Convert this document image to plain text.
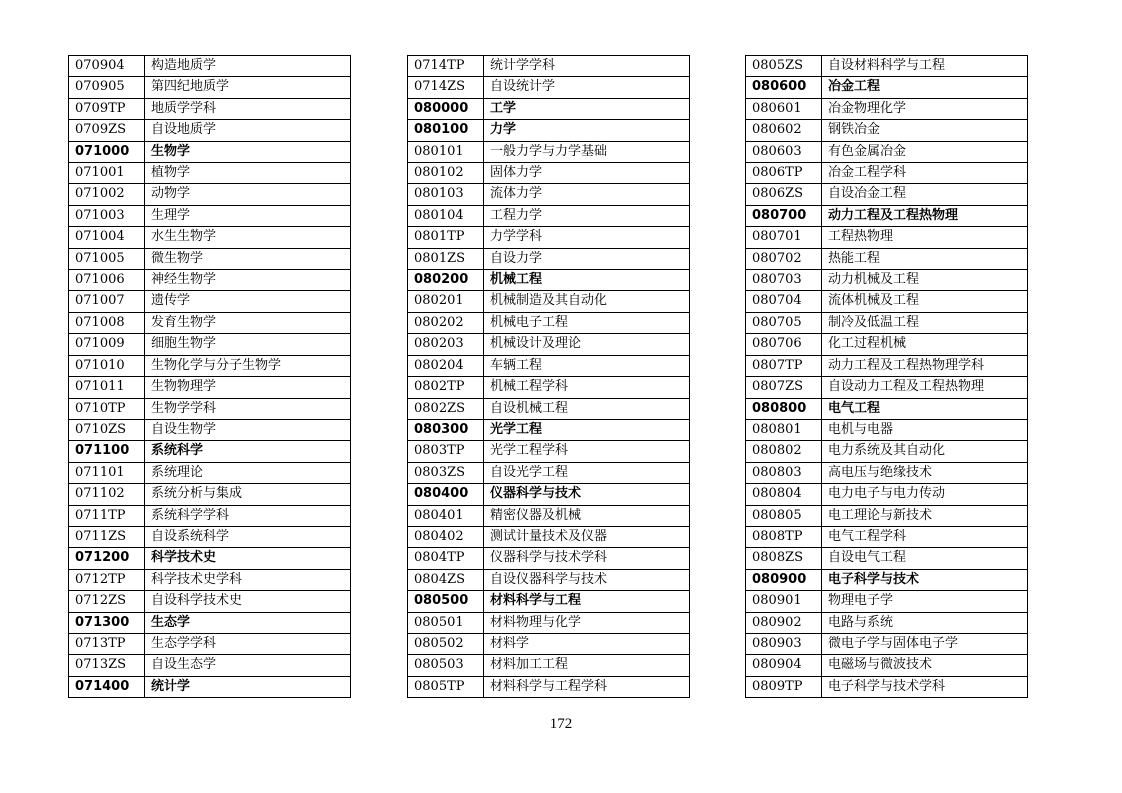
070904	构造地质学
070905	第四纪地质学
0709TP	地质学学科
0709ZS	自设地质学
071000	生物学
071001	植物学
071002	动物学
071003	生理学
071004	水生生物学
071005	微生物学
071006	神经生物学
071007	遗传学
071008	发育生物学
071009	细胞生物学
071010	生物化学与分子生物学
071011	生物物理学
0710TP	生物学学科
0710ZS	自设生物学
071100	系统科学
071101	系统理论
071102	系统分析与集成
0711TP	系统科学学科
0711ZS	自设系统科学
071200	科学技术史
0712TP	科学技术史学科
0712ZS	自设科学技术史
071300	生态学
0713TP	生态学学科
0713ZS	自设生态学
071400	统计学
0714TP	统计学学科
0714ZS	自设统计学
080000	工学
080100	力学
080101	一般力学与力学基础
080102	固体力学
080103	流体力学
080104	工程力学
0801TP	力学学科
0801ZS	自设力学
080200	机械工程
080201	机械制造及其自动化
080202	机械电子工程
080203	机械设计及理论
080204	车辆工程
0802TP	机械工程学科
0802ZS	自设机械工程
080300	光学工程
0803TP	光学工程学科
0803ZS	自设光学工程
080400	仪器科学与技术
080401	精密仪器及机械
080402	测试计量技术及仪器
0804TP	仪器科学与技术学科
0804ZS	自设仪器科学与技术
080500	材料科学与工程
080501	材料物理与化学
080502	材料学
080503	材料加工工程
0805TP	材料科学与工程学科
0805ZS	自设材料科学与工程
080600	冶金工程
080601	冶金物理化学
080602	钢铁冶金
080603	有色金属冶金
0806TP	冶金工程学科
0806ZS	自设冶金工程
080700	动力工程及工程热物理
080701	工程热物理
080702	热能工程
080703	动力机械及工程
080704	流体机械及工程
080705	制冷及低温工程
080706	化工过程机械
0807TP	动力工程及工程热物理学科
0807ZS	自设动力工程及工程热物理
080800	电气工程
080801	电机与电器
080802	电力系统及其自动化
080803	高电压与绝缘技术
080804	电力电子与电力传动
080805	电工理论与新技术
0808TP	电气工程学科
0808ZS	自设电气工程
080900	电子科学与技术
080901	物理电子学
080902	电路与系统
080903	微电子学与固体电子学
080904	电磁场与微波技术
0809TP	电子科学与技术学科
172
